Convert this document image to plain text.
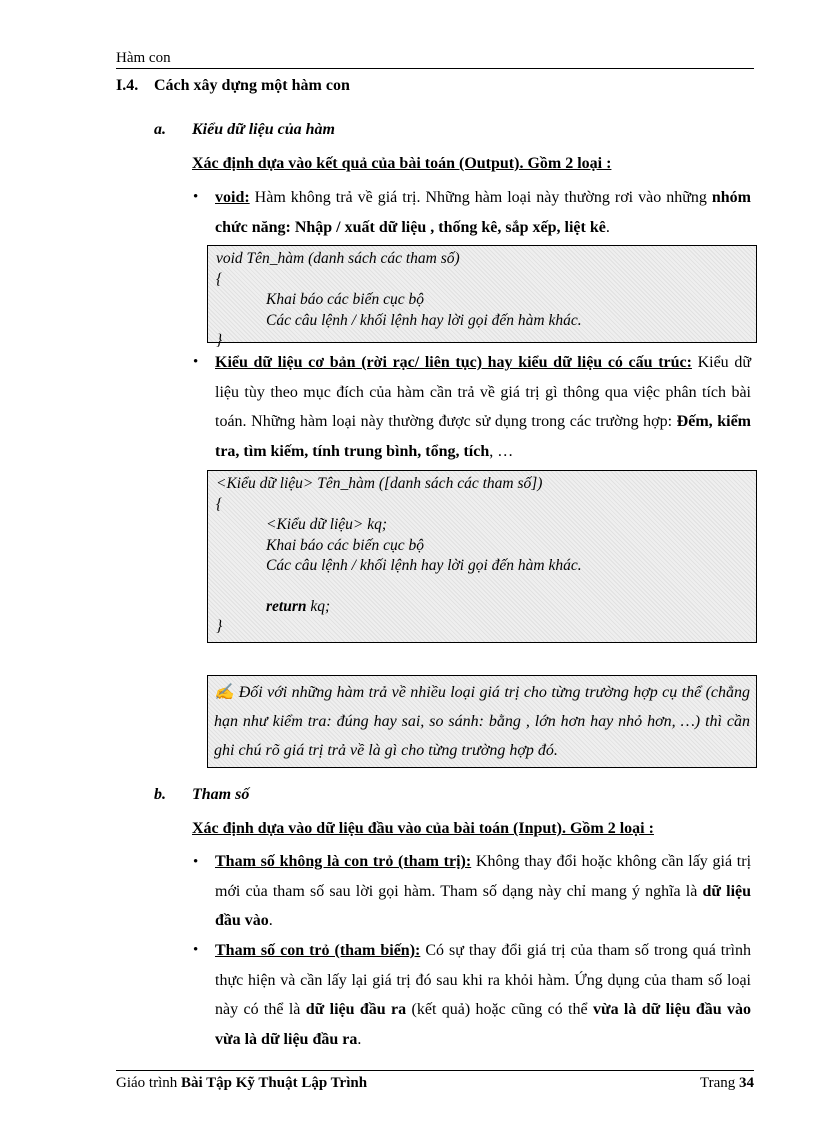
Hàm con
I.4. Cách xây dựng một hàm con
a. Kiểu dữ liệu của hàm
Xác định dựa vào kết quả của bài toán (Output). Gồm 2 loại :
• void: Hàm không trả về giá trị. Những hàm loại này thường rơi vào những nhóm chức năng: Nhập / xuất dữ liệu , thống kê, sắp xếp, liệt kê.
void Tên_hàm (danh sách các tham số)
{
Khai báo các biến cục bộ
Các câu lệnh / khối lệnh hay lời gọi đến hàm khác.
}
• Kiểu dữ liệu cơ bản (rời rạc/ liên tục) hay kiểu dữ liệu có cấu trúc: Kiểu dữ liệu tùy theo mục đích của hàm cần trả về giá trị gì thông qua việc phân tích bài toán. Những hàm loại này thường được sử dụng trong các trường hợp: Đếm, kiểm tra, tìm kiếm, tính trung bình, tổng, tích, …
<Kiểu dữ liệu> Tên_hàm ([danh sách các tham số])
{
<Kiểu dữ liệu> kq;
Khai báo các biến cục bộ
Các câu lệnh / khối lệnh hay lời gọi đến hàm khác.
return kq;
}
✍ Đối với những hàm trả về nhiều loại giá trị cho từng trường hợp cụ thể (chẳng hạn như kiểm tra: đúng hay sai, so sánh: bằng , lớn hơn hay nhỏ hơn, …) thì cần ghi chú rõ giá trị trả về là gì cho từng trường hợp đó.
b. Tham số
Xác định dựa vào dữ liệu đầu vào của bài toán (Input). Gồm 2 loại :
• Tham số không là con trỏ (tham trị): Không thay đổi hoặc không cần lấy giá trị mới của tham số sau lời gọi hàm. Tham số dạng này chỉ mang ý nghĩa là dữ liệu đầu vào.
• Tham số con trỏ (tham biến): Có sự thay đổi giá trị của tham số trong quá trình thực hiện và cần lấy lại giá trị đó sau khi ra khỏi hàm. Ứng dụng của tham số loại này có thể là dữ liệu đầu ra (kết quả) hoặc cũng có thể vừa là dữ liệu đầu vào vừa là dữ liệu đầu ra.
Giáo trình Bài Tập Kỹ Thuật Lập Trình	Trang 34
